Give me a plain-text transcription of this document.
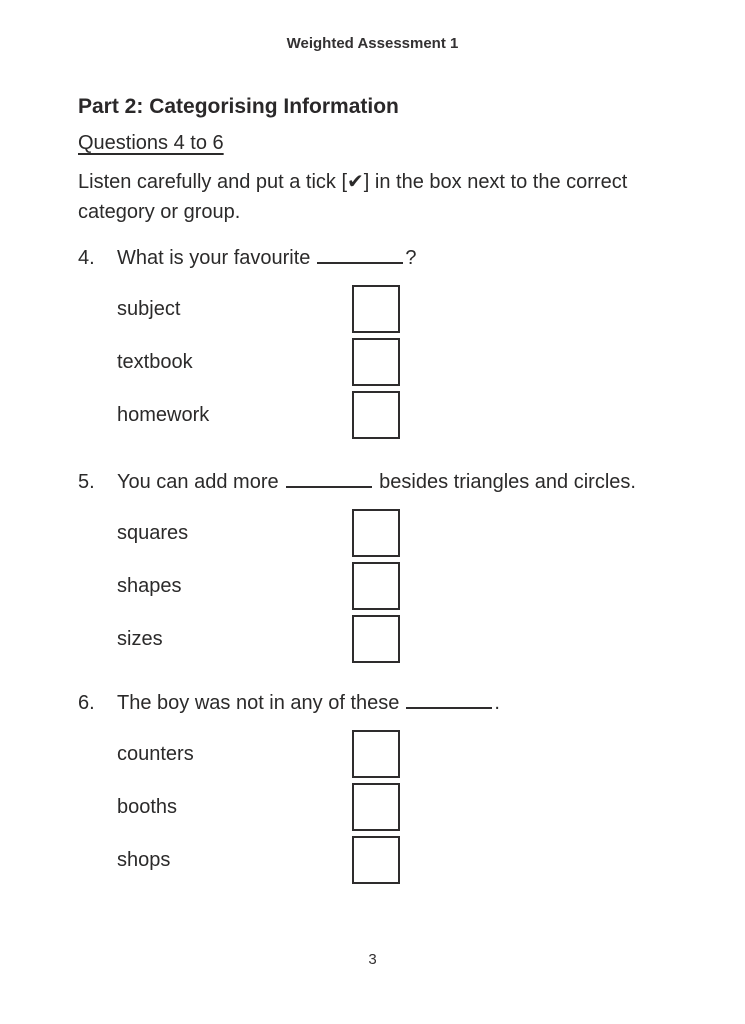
Weighted Assessment 1
Part 2: Categorising Information
Questions 4 to 6

Listen carefully and put a tick [✔] in the box next to the correct
category or group.

4.	What is your favourite	?
subject
textbook
homework
5.	You can add more	besides triangles and circles.
squares
shapes
sizes
6.	The boy was not in any of these	.
counters
booths
shops
3
